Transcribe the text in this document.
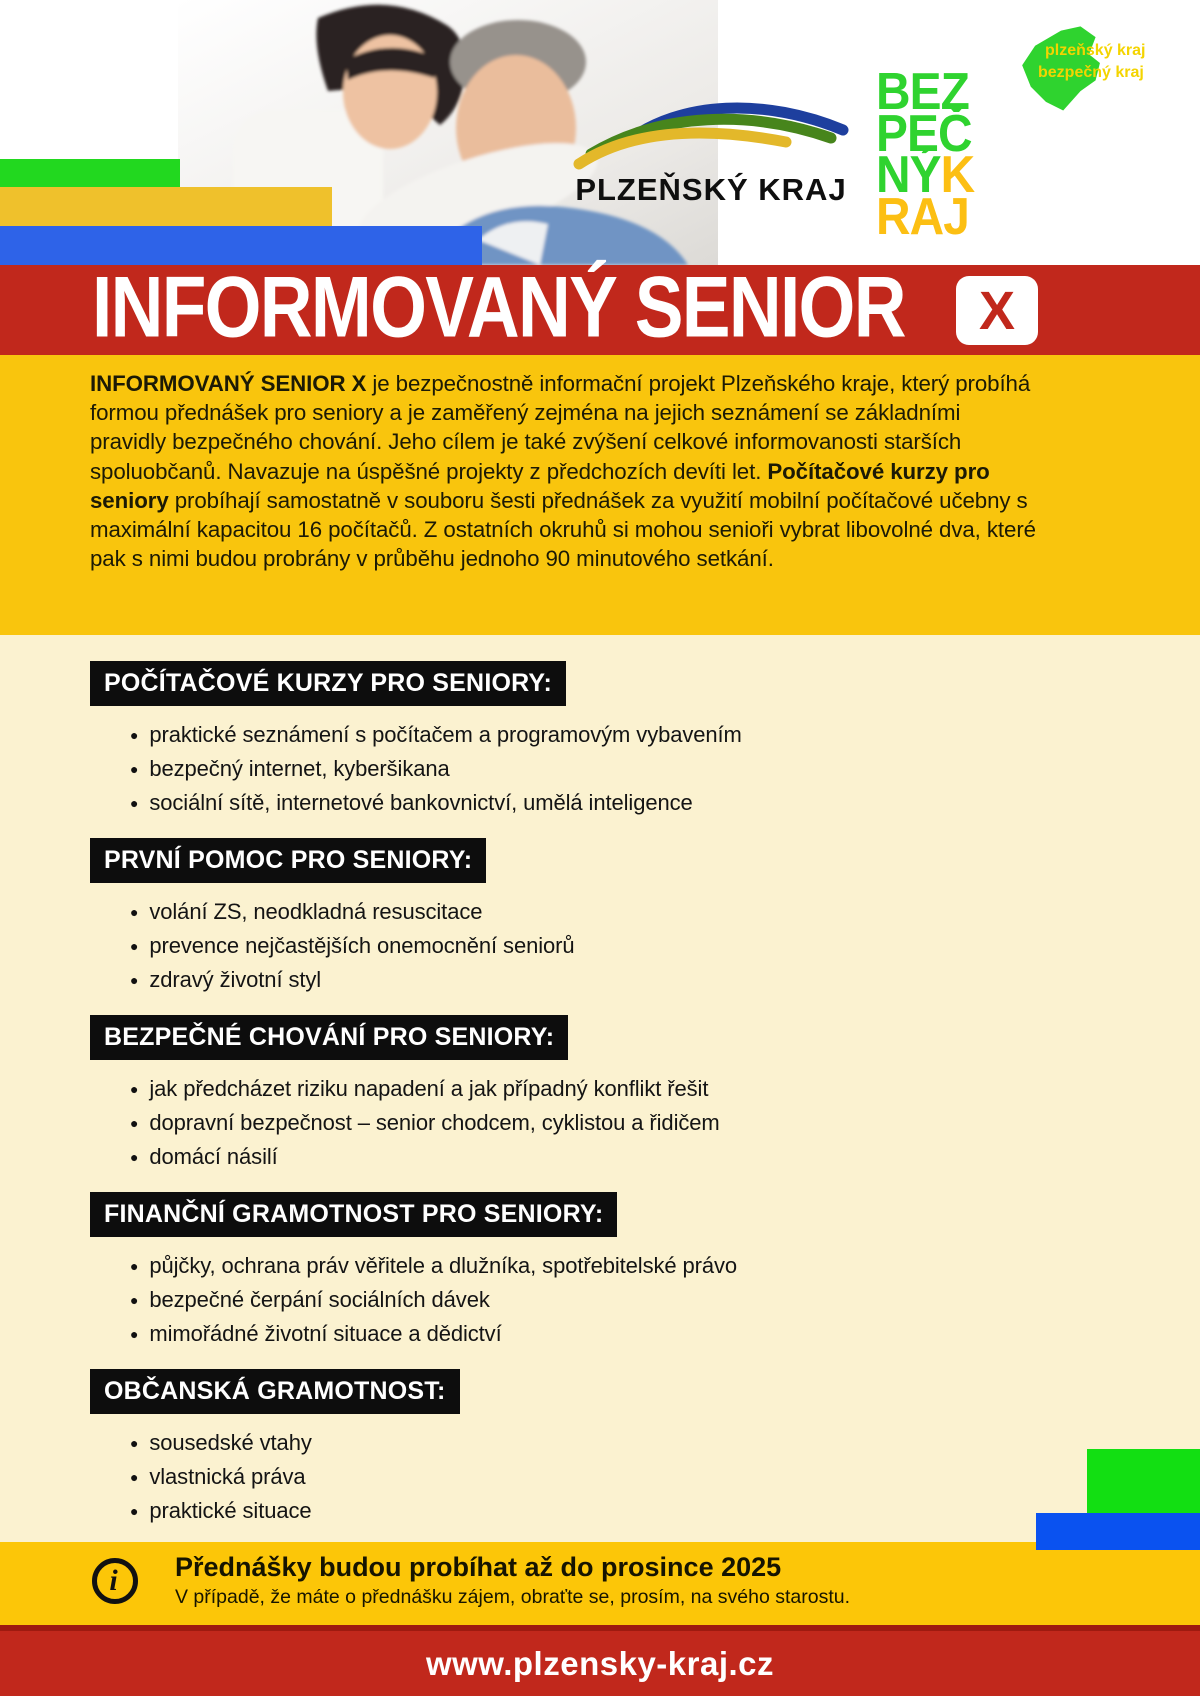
PLZEŇSKÝ KRAJ
plzeňský kraj
bezpečný kraj
BEZ
PEČ
NÝK
RAJ
INFORMOVANÝ SENIOR	X

INFORMOVANÝ SENIOR X je bezpečnostně informační projekt Plzeňského kraje, který probíhá formou přednášek pro seniory a je zaměřený zejména na jejich seznámení se základními pravidly bezpečného chování. Jeho cílem je také zvýšení celkové informovanosti starších spoluobčanů. Navazuje na úspěšné projekty z předchozích devíti let. Počítačové kurzy pro seniory probíhají samostatně v souboru šesti přednášek za využití mobilní počítačové učebny s maximální kapacitou 16 počítačů. Z ostatních okruhů si mohou senioři vybrat libovolné dva, které pak s nimi budou probrány v průběhu jednoho 90 minutového setkání.

POČÍTAČOVÉ KURZY PRO SENIORY:
● praktické seznámení s počítačem a programovým vybavením
● bezpečný internet, kyberšikana
● sociální sítě, internetové bankovnictví, umělá inteligence
PRVNÍ POMOC PRO SENIORY:
● volání ZS, neodkladná resuscitace
● prevence nejčastějších onemocnění seniorů
● zdravý životní styl
BEZPEČNÉ CHOVÁNÍ PRO SENIORY:
● jak předcházet riziku napadení a jak případný konflikt řešit
● dopravní bezpečnost – senior chodcem, cyklistou a řidičem
● domácí násilí
FINANČNÍ GRAMOTNOST PRO SENIORY:
● půjčky, ochrana práv věřitele a dlužníka, spotřebitelské právo
● bezpečné čerpání sociálních dávek
● mimořádné životní situace a dědictví
OBČANSKÁ GRAMOTNOST:
● sousedské vtahy
● vlastnická práva
● praktické situace
i	Přednášky budou probíhat až do prosince 2025
V případě, že máte o přednášku zájem, obraťte se, prosím, na svého starostu.
www.plzensky-kraj.cz
